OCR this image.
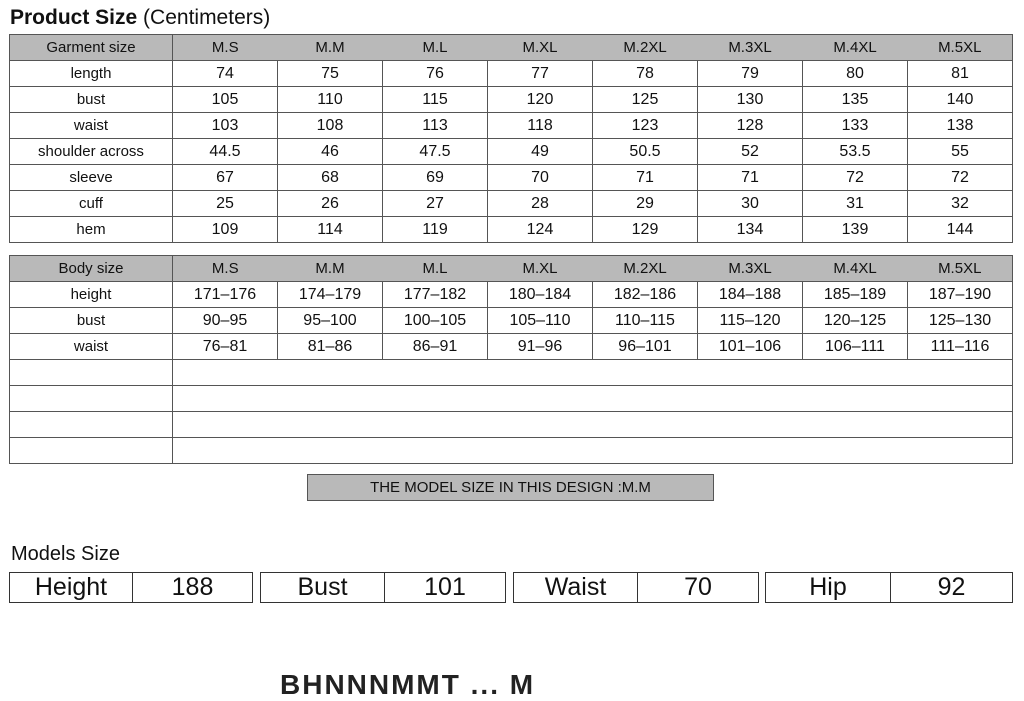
Product Size (Centimeters)
Garment size	M.S	M.M	M.L	M.XL	M.2XL	M.3XL	M.4XL	M.5XL
length	74	75	76	77	78	79	80	81
bust	105	110	115	120	125	130	135	140
waist	103	108	113	118	123	128	133	138
shoulder across	44.5	46	47.5	49	50.5	52	53.5	55
sleeve	67	68	69	70	71	71	72	72
cuff	25	26	27	28	29	30	31	32
hem	109	114	119	124	129	134	139	144
Body size	M.S	M.M	M.L	M.XL	M.2XL	M.3XL	M.4XL	M.5XL
height	171–176	174–179	177–182	180–184	182–186	184–188	185–189	187–190
bust	90–95	95–100	100–105	105–110	110–115	115–120	120–125	125–130
waist	76–81	81–86	86–91	91–96	96–101	101–106	106–111	111–116

THE MODEL SIZE IN THIS DESIGN :M.M
Models Size
Height	188	Bust	101	Waist	70	Hip	92
BHNNNMMT ... M
